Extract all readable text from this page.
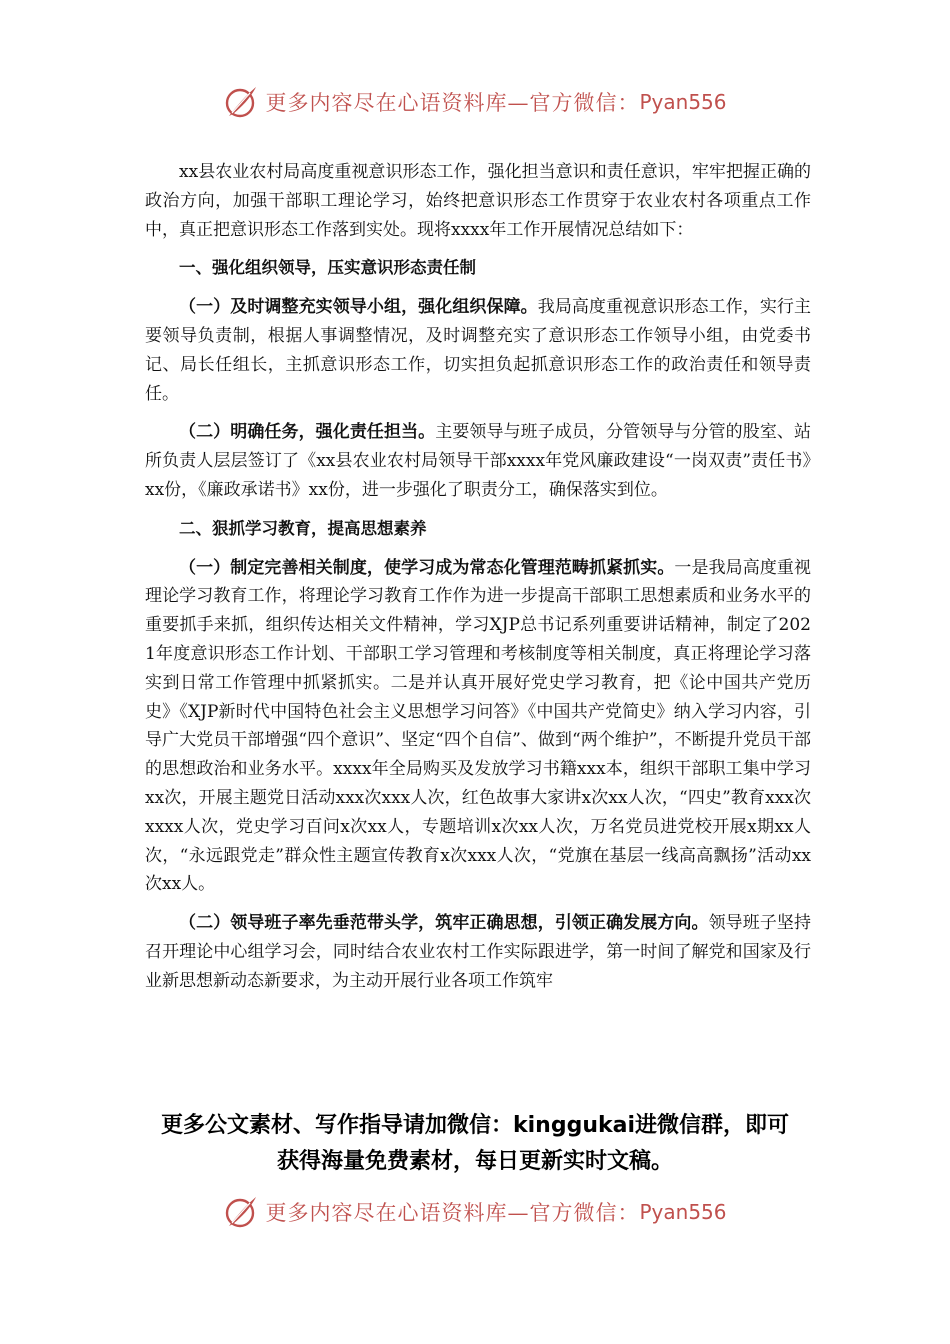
更多内容尽在心语资料库—官方微信： Pyan556

xx县农业农村局高度重视意识形态工作，强化担当意识和责任意识，牢牢把握正确的政治方向，加强干部职工理论学习，始终把意识形态工作贯穿于农业农村各项重点工作中，真正把意识形态工作落到实处。现将xxxx年工作开展情况总结如下：

一、强化组织领导，压实意识形态责任制

（一）及时调整充实领导小组，强化组织保障。我局高度重视意识形态工作，实行主要领导负责制，根据人事调整情况，及时调整充实了意识形态工作领导小组，由党委书记、局长任组长，主抓意识形态工作，切实担负起抓意识形态工作的政治责任和领导责任。

（二）明确任务，强化责任担当。主要领导与班子成员，分管领导与分管的股室、站所负责人层层签订了《xx县农业农村局领导干部xxxx年党风廉政建设“一岗双责”责任书》xx份，《廉政承诺书》xx份，进一步强化了职责分工，确保落实到位。

二、狠抓学习教育，提高思想素养

（一）制定完善相关制度，使学习成为常态化管理范畴抓紧抓实。一是我局高度重视理论学习教育工作，将理论学习教育工作作为进一步提高干部职工思想素质和业务水平的重要抓手来抓，组织传达相关文件精神，学习XJP总书记系列重要讲话精神，制定了2021年度意识形态工作计划、干部职工学习管理和考核制度等相关制度，真正将理论学习落实到日常工作管理中抓紧抓实。二是并认真开展好党史学习教育，把《论中国共产党历史》《XJP新时代中国特色社会主义思想学习问答》《中国共产党简史》纳入学习内容，引导广大党员干部增强“四个意识”、坚定“四个自信”、做到“两个维护”，不断提升党员干部的思想政治和业务水平。xxxx年全局购买及发放学习书籍xxx本，组织干部职工集中学习xx次，开展主题党日活动xxx次xxx人次，红色故事大家讲x次xx人次，“四史”教育xxx次xxxx人次，党史学习百问x次xx人，专题培训x次xx人次，万名党员进党校开展x期xx人次，“永远跟党走”群众性主题宣传教育x次xxx人次，“党旗在基层一线高高飘扬”活动xx次xx人。

（二）领导班子率先垂范带头学，筑牢正确思想，引领正确发展方向。领导班子坚持召开理论中心组学习会，同时结合农业农村工作实际跟进学，第一时间了解党和国家及行业新思想新动态新要求，为主动开展行业各项工作筑牢

更多公文素材、写作指导请加微信：kinggukai进微信群，即可
获得海量免费素材，每日更新实时文稿。
更多内容尽在心语资料库—官方微信： Pyan556
